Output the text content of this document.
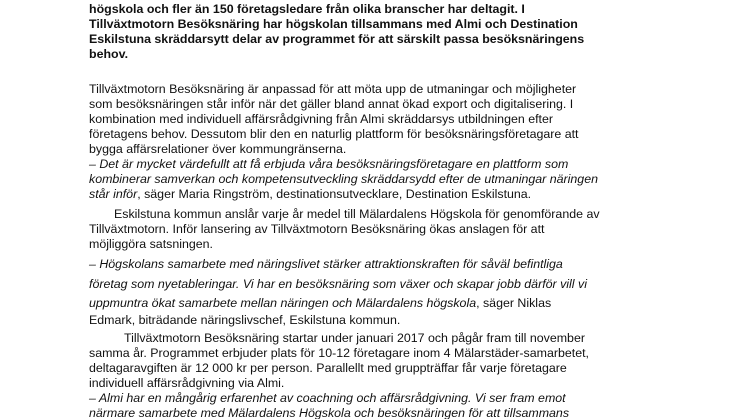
högskola och fler än 150 företagsledare från olika branscher har deltagit. I
Tillväxtmotorn Besöksnäring har högskolan tillsammans med Almi och Destination
Eskilstuna skräddarsytt delar av programmet för att särskilt passa besöksnäringens
behov.
Tillväxtmotorn Besöksnäring är anpassad för att möta upp de utmaningar och möjligheter
som besöksnäringen står inför när det gäller bland annat ökad export och digitalisering. I
kombination med individuell affärsrådgivning från Almi skräddarsys utbildningen efter
företagens behov. Dessutom blir den en naturlig plattform för besöksnäringsföretagare att
bygga affärsrelationer över kommungränserna.
– Det är mycket värdefullt att få erbjuda våra besöksnäringsföretagare en plattform som
kombinerar samverkan och kompetensutveckling skräddarsydd efter de utmaningar näringen
står inför, säger Maria Ringström, destinationsutvecklare, Destination Eskilstuna.
Eskilstuna kommun anslår varje år medel till Mälardalens Högskola för genomförande av
Tillväxtmotorn. Inför lansering av Tillväxtmotorn Besöksnäring ökas anslagen för att
möjliggöra satsningen.
– Högskolans samarbete med näringslivet stärker attraktionskraften för såväl befintliga
företag som nyetableringar. Vi har en besöksnäring som växer och skapar jobb därför vill vi
uppmuntra ökat samarbete mellan näringen och Mälardalens högskola, säger Niklas
Edmark, biträdande näringslivschef, Eskilstuna kommun.
Tillväxtmotorn Besöksnäring startar under januari 2017 och pågår fram till november
samma år. Programmet erbjuder plats för 10-12 företagare inom 4 Mälarstäder-samarbetet,
deltagaravgiften är 12 000 kr per person. Parallellt med gruppträffar får varje företagare
individuell affärsrådgivning via Almi.
– Almi har en mångårig erfarenhet av coachning och affärsrådgivning. Vi ser fram emot
närmare samarbete med Mälardalens Högskola och besöksnäringen för att tillsammans
